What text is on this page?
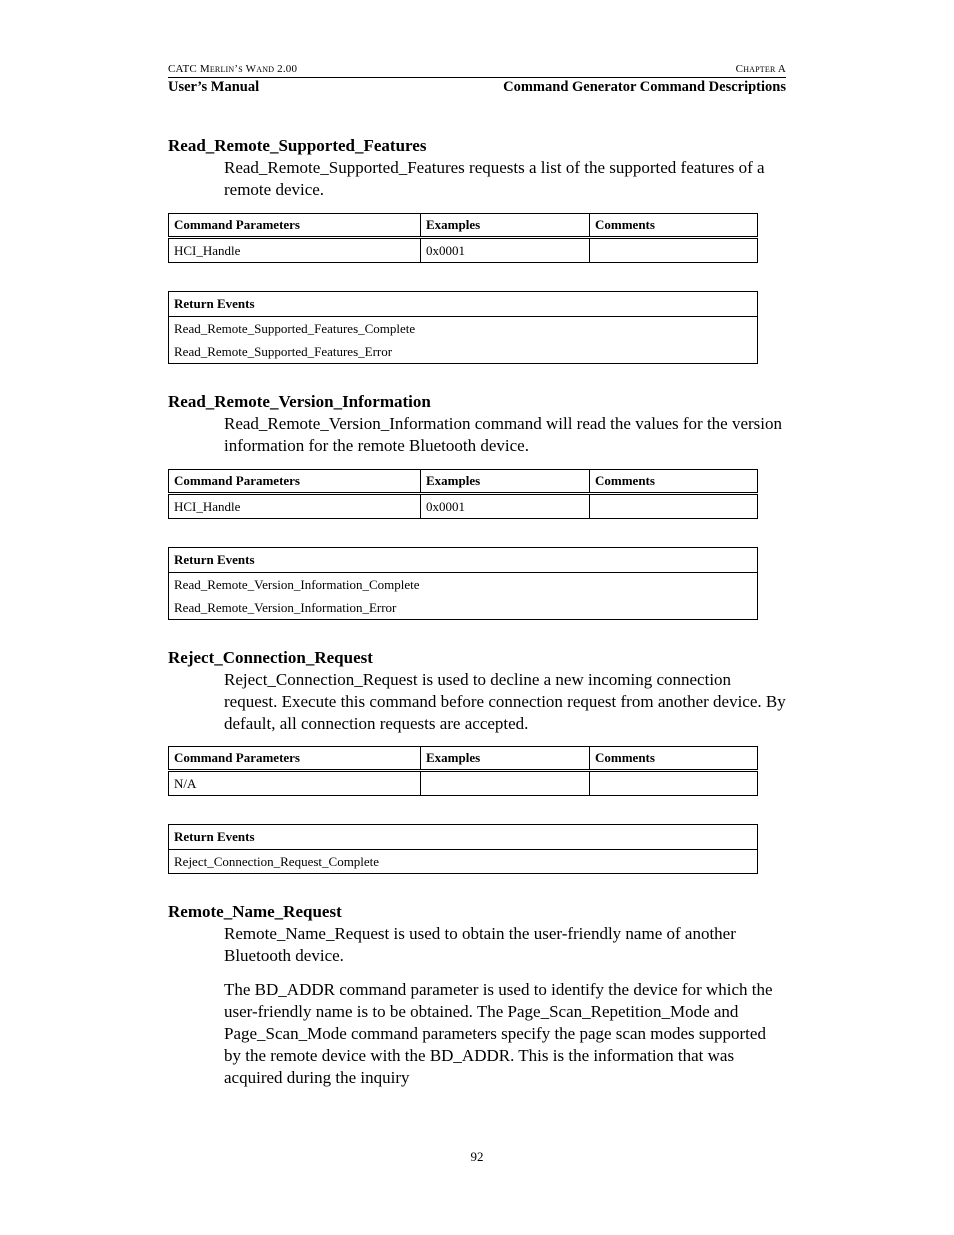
CATC Merlin’s Wand 2.00	Chapter A
User’s Manual	Command Generator Command Descriptions
Read_Remote_Supported_Features

Read_Remote_Supported_Features requests a list of the supported features of a remote device.

Command Parameters	Examples	Comments
HCI_Handle	0x0001	
Return Events
Read_Remote_Supported_Features_Complete
Read_Remote_Supported_Features_Error
Read_Remote_Version_Information

Read_Remote_Version_Information command will read the values for the version information for the remote Bluetooth device.

Command Parameters	Examples	Comments
HCI_Handle	0x0001	
Return Events
Read_Remote_Version_Information_Complete
Read_Remote_Version_Information_Error
Reject_Connection_Request

Reject_Connection_Request is used to decline a new incoming connection request. Execute this command before connection request from another device. By default, all connection requests are accepted.

Command Parameters	Examples	Comments
N/A		
Return Events
Reject_Connection_Request_Complete
Remote_Name_Request

Remote_Name_Request is used to obtain the user-friendly name of another Bluetooth device.

The BD_ADDR command parameter is used to identify the device for which the user-friendly name is to be obtained. The Page_Scan_Repetition_Mode and Page_Scan_Mode command parameters specify the page scan modes supported by the remote device with the BD_ADDR. This is the information that was acquired during the inquiry

92
